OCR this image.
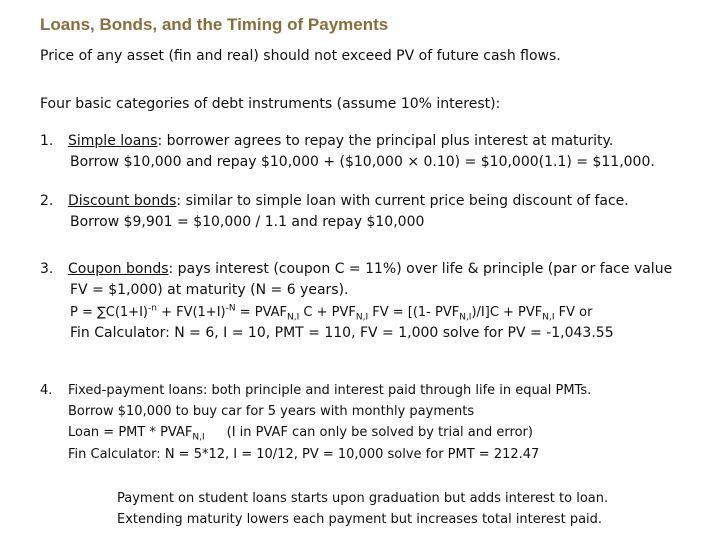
Loans, Bonds, and the Timing of Payments
Price of any asset (fin and real) should not exceed PV of future cash flows.
Four basic categories of debt instruments (assume 10% interest):
1. Simple loans: borrower agrees to repay the principal plus interest at maturity.
Borrow $10,000 and repay $10,000 + ($10,000 × 0.10) = $10,000(1.1) = $11,000.
2. Discount bonds: similar to simple loan with current price being discount of face.
Borrow $9,901 = $10,000 / 1.1 and repay $10,000
3. Coupon bonds: pays interest (coupon C = 11%) over life & principle (par or face value
FV = $1,000) at maturity (N = 6 years).
$P = \sum C(1+I)^{-n} + FV(1+I)^{-N}$ = $PVAF_{N,I}$ $C + PVF_{N,I}$ FV = [(1- $PVF_{N,I})/I]C + PVF_{N,I}$ FV or
Fin Calculator: N = 6, I = 10, PMT = 110, FV = 1,000 solve for PV = -1,043.55
4. Fixed-payment loans: both principle and interest paid through life in equal PMTs.
Borrow $10,000 to buy car for 5 years with monthly payments
Loan = PMT * $PVAF_{N,I}$ (I in PVAF can only be solved by trial and error)
Fin Calculator: N = 5*12, I = 10/12, PV = 10,000 solve for PMT = 212.47
Payment on student loans starts upon graduation but adds interest to loan.
Extending maturity lowers each payment but increases total interest paid.
